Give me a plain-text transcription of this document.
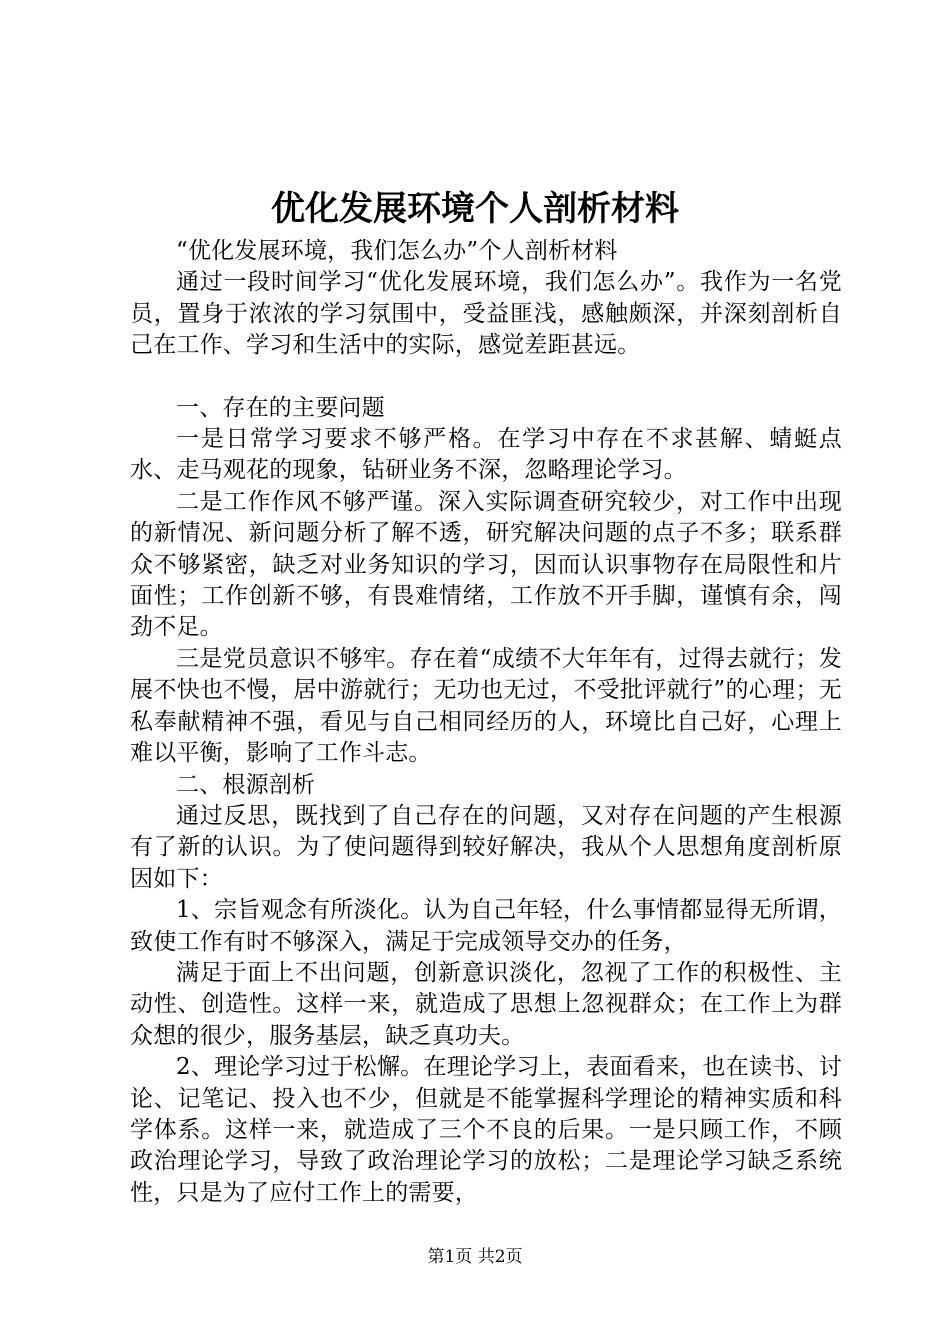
优化发展环境个人剖析材料

“优化发展环境，我们怎么办”个人剖析材料

通过一段时间学习“优化发展环境，我们怎么办”。我作为一名党员，置身于浓浓的学习氛围中，受益匪浅，感触颇深，并深刻剖析自己在工作、学习和生活中的实际，感觉差距甚远。

一、存在的主要问题

一是日常学习要求不够严格。在学习中存在不求甚解、蜻蜓点水、走马观花的现象，钻研业务不深，忽略理论学习。

二是工作作风不够严谨。深入实际调查研究较少，对工作中出现的新情况、新问题分析了解不透，研究解决问题的点子不多；联系群众不够紧密，缺乏对业务知识的学习，因而认识事物存在局限性和片面性；工作创新不够，有畏难情绪，工作放不开手脚，谨慎有余，闯劲不足。

三是党员意识不够牢。存在着“成绩不大年年有，过得去就行；发展不快也不慢，居中游就行；无功也无过，不受批评就行”的心理；无私奉献精神不强，看见与自己相同经历的人，环境比自己好，心理上难以平衡，影响了工作斗志。

二、根源剖析

通过反思，既找到了自己存在的问题，又对存在问题的产生根源有了新的认识。为了使问题得到较好解决，我从个人思想角度剖析原因如下：

1、宗旨观念有所淡化。认为自己年轻，什么事情都显得无所谓，致使工作有时不够深入，满足于完成领导交办的任务，

满足于面上不出问题，创新意识淡化，忽视了工作的积极性、主动性、创造性。这样一来，就造成了思想上忽视群众；在工作上为群众想的很少，服务基层，缺乏真功夫。

2、理论学习过于松懈。在理论学习上，表面看来，也在读书、讨论、记笔记、投入也不少，但就是不能掌握科学理论的精神实质和科学体系。这样一来，就造成了三个不良的后果。一是只顾工作，不顾政治理论学习，导致了政治理论学习的放松；二是理论学习缺乏系统性，只是为了应付工作上的需要，

第1页 共2页
